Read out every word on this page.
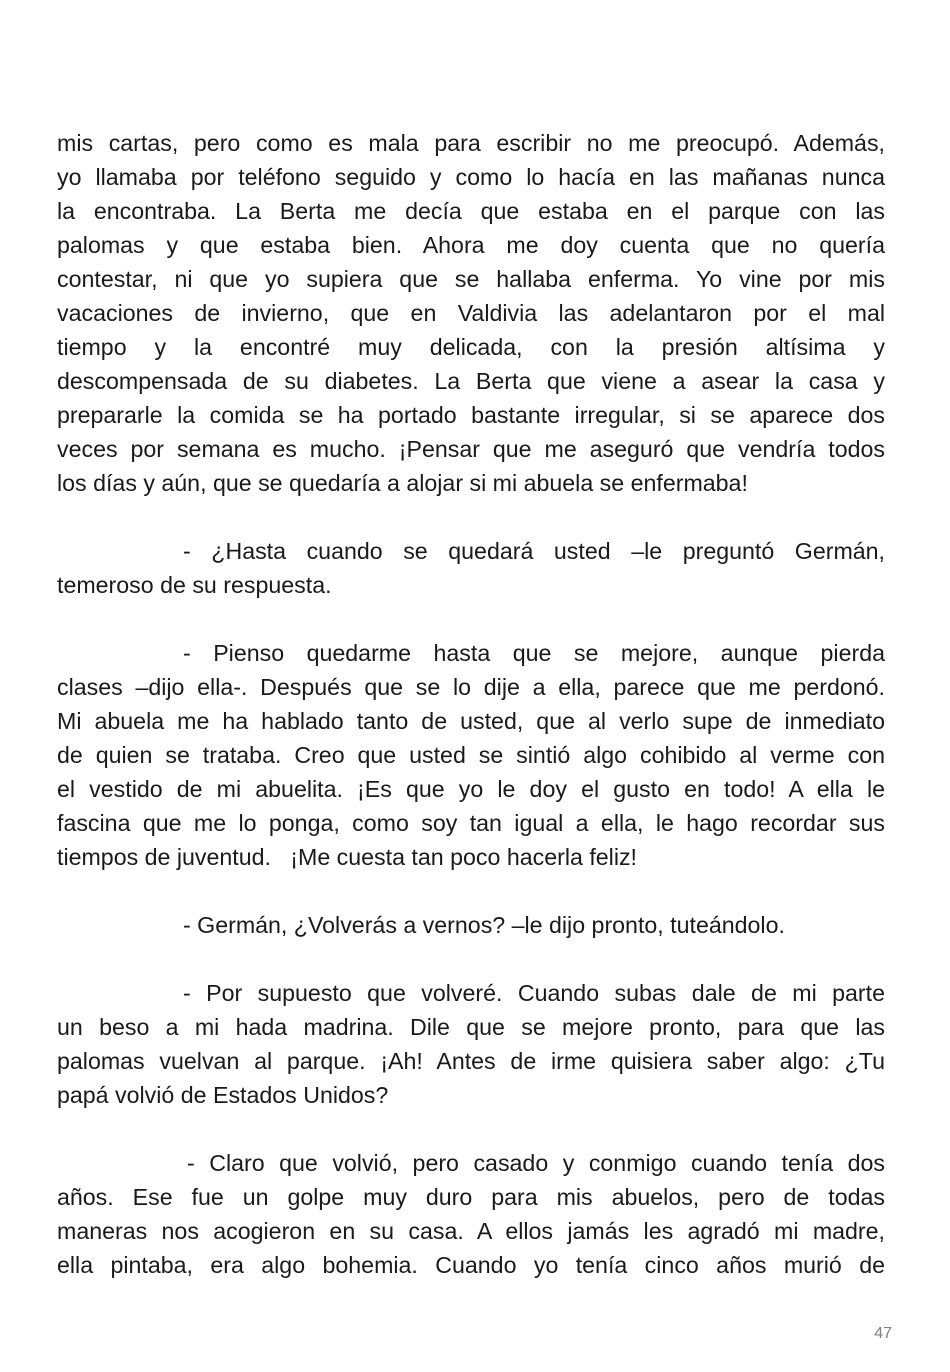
mis cartas, pero como es mala para escribir no me preocupó. Además,
yo llamaba por teléfono seguido y como lo hacía en las mañanas nunca
la encontraba. La Berta me decía que estaba en el parque con las
palomas y que estaba bien. Ahora me doy cuenta que no quería
contestar, ni que yo supiera que se hallaba enferma. Yo vine por mis
vacaciones de invierno, que en Valdivia las adelantaron por el mal
tiempo y la encontré muy delicada, con la presión altísima y
descompensada de su diabetes. La Berta que viene a asear la casa y
prepararle la comida se ha portado bastante irregular, si se aparece dos
veces por semana es mucho. ¡Pensar que me aseguró que vendría todos
los días y aún, que se quedaría a alojar si mi abuela se enfermaba!
- ¿Hasta cuando se quedará usted –le preguntó Germán,
temeroso de su respuesta.
- Pienso quedarme hasta que se mejore, aunque pierda
clases –dijo ella-. Después que se lo dije a ella, parece que me perdonó.
Mi abuela me ha hablado tanto de usted, que al verlo supe de inmediato
de quien se trataba. Creo que usted se sintió algo cohibido al verme con
el vestido de mi abuelita. ¡Es que yo le doy el gusto en todo! A ella le
fascina que me lo ponga, como soy tan igual a ella, le hago recordar sus
tiempos de juventud.   ¡Me cuesta tan poco hacerla feliz!
- Germán, ¿Volverás a vernos? –le dijo pronto, tuteándolo.
- Por supuesto que volveré. Cuando subas dale de mi parte
un beso a mi hada madrina. Dile que se mejore pronto, para que las
palomas vuelvan al parque. ¡Ah! Antes de irme quisiera saber algo: ¿Tu
papá volvió de Estados Unidos?
- Claro que volvió, pero casado y conmigo cuando tenía dos
años. Ese fue un golpe muy duro para mis abuelos, pero de todas
maneras nos acogieron en su casa. A ellos jamás les agradó mi madre,
ella pintaba, era algo bohemia. Cuando yo tenía cinco años murió de
47
